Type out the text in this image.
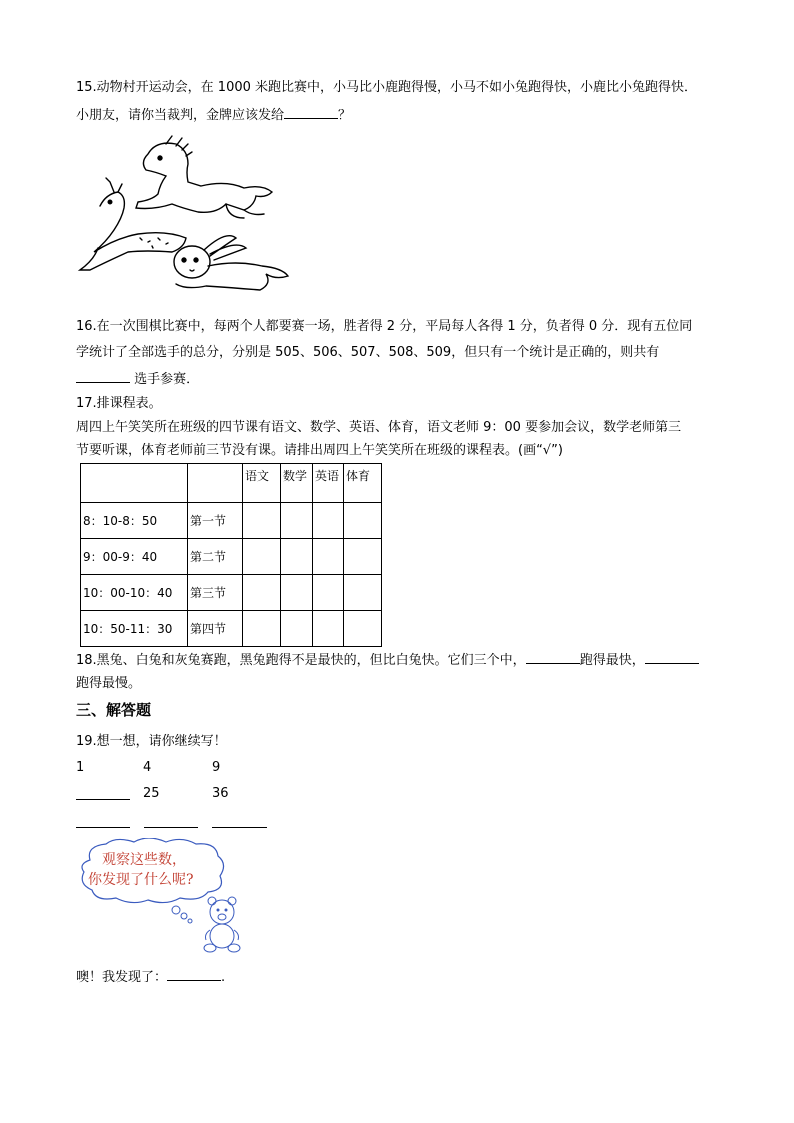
15.动物村开运动会，在 1000 米跑比赛中，小马比小鹿跑得慢，小马不如小兔跑得快，小鹿比小兔跑得快．
小朋友，请你当裁判，金牌应该发给	？
16.在一次围棋比赛中，每两个人都要赛一场，胜者得 2 分，平局每人各得 1 分，负者得 0 分．现有五位同
学统计了全部选手的总分，分别是 505、506、507、508、509，但只有一个统计是正确的，则共有
选手参赛．
17.排课程表。
周四上午笑笑所在班级的四节课有语文、数学、英语、体育，语文老师 9：00 要参加会议，数学老师第三
节要听课，体育老师前三节没有课。请排出周四上午笑笑所在班级的课程表。(画“√”)
		语文	数学	英语	体育
8：10-8：50	第一节				
9：00-9：40	第二节				
10：00-10：40	第三节				
10：50-11：30	第四节				
18.黑兔、白兔和灰兔赛跑，黑兔跑得不是最快的，但比白兔快。它们三个中，	跑得最快，
跑得最慢。
三、解答题
19.想一想，请你继续写！
1	4	9
25	36
观察这些数，
你发现了什么呢?
噢！我发现了：	.
